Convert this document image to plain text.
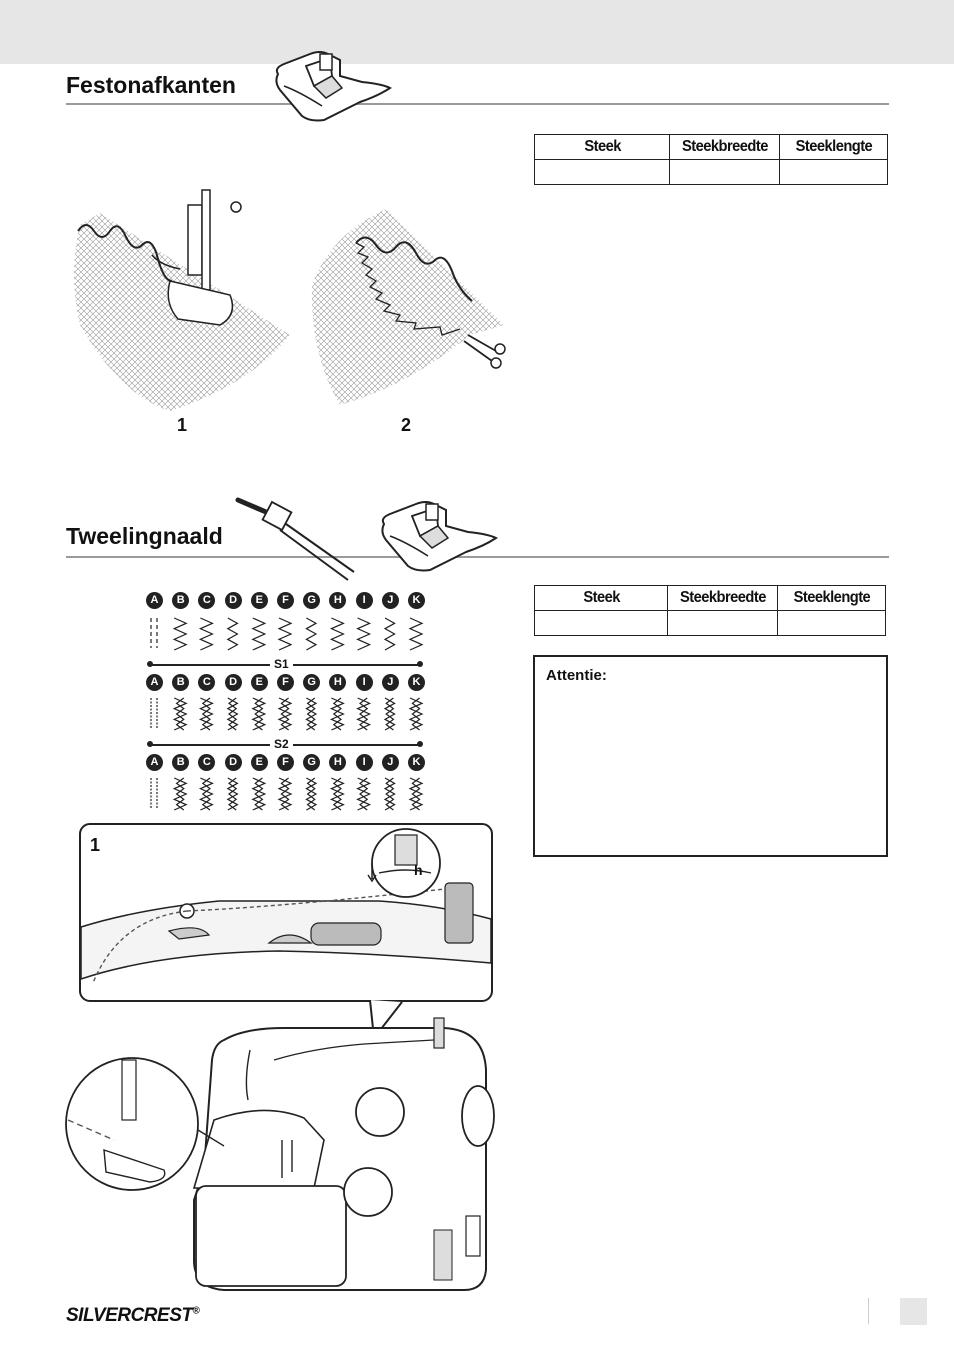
Festonafkanten
Steek	Steekbreedte	Steeklengte

1	2
Tweelingnaald
Steek	Steekbreedte	Steeklengte

Attentie:
A	B	C	D	E	F	G	H	I	J	K
S1
A	B	C	D	E	F	G	H	I	J	K
S2
A	B	C	D	E	F	G	H	I	J	K
1
h
SILVERCREST®
